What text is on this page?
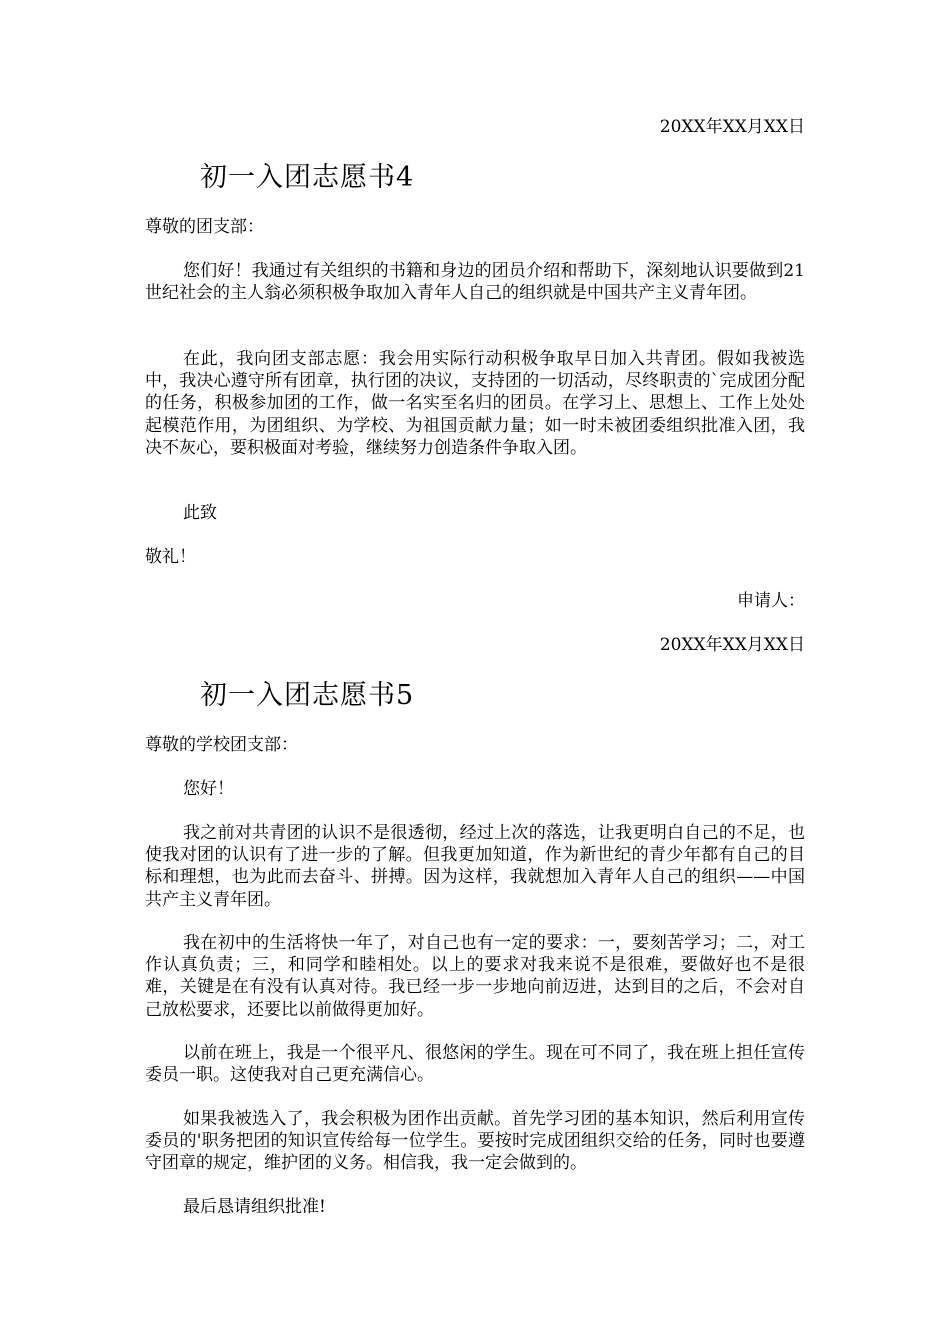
20XX年XX月XX日
初一入团志愿书4
尊敬的团支部：
您们好！我通过有关组织的书籍和身边的团员介绍和帮助下，深刻地认识要做到21世纪社会的主人翁必须积极争取加入青年人自己的组织就是中国共产主义青年团。
在此，我向团支部志愿：我会用实际行动积极争取早日加入共青团。假如我被选中，我决心遵守所有团章，执行团的决议，支持团的一切活动，尽终职责的`完成团分配的任务，积极参加团的工作，做一名实至名归的团员。在学习上、思想上、工作上处处起模范作用，为团组织、为学校、为祖国贡献力量；如一时未被团委组织批准入团，我决不灰心，要积极面对考验，继续努力创造条件争取入团。
此致
敬礼！
申请人：
20XX年XX月XX日
初一入团志愿书5
尊敬的学校团支部：
您好！
我之前对共青团的认识不是很透彻，经过上次的落选，让我更明白自己的不足，也使我对团的认识有了进一步的了解。但我更加知道，作为新世纪的青少年都有自己的目标和理想，也为此而去奋斗、拼搏。因为这样，我就想加入青年人自己的组织——中国共产主义青年团。
我在初中的生活将快一年了，对自己也有一定的要求：一，要刻苦学习；二，对工作认真负责；三，和同学和睦相处。以上的要求对我来说不是很难，要做好也不是很难，关键是在有没有认真对待。我已经一步一步地向前迈进，达到目的之后，不会对自己放松要求，还要比以前做得更加好。
以前在班上，我是一个很平凡、很悠闲的学生。现在可不同了，我在班上担任宣传委员一职。这使我对自己更充满信心。
如果我被选入了，我会积极为团作出贡献。首先学习团的基本知识，然后利用宣传委员的'职务把团的知识宣传给每一位学生。要按时完成团组织交给的任务，同时也要遵守团章的规定，维护团的义务。相信我，我一定会做到的。
最后恳请组织批准!
